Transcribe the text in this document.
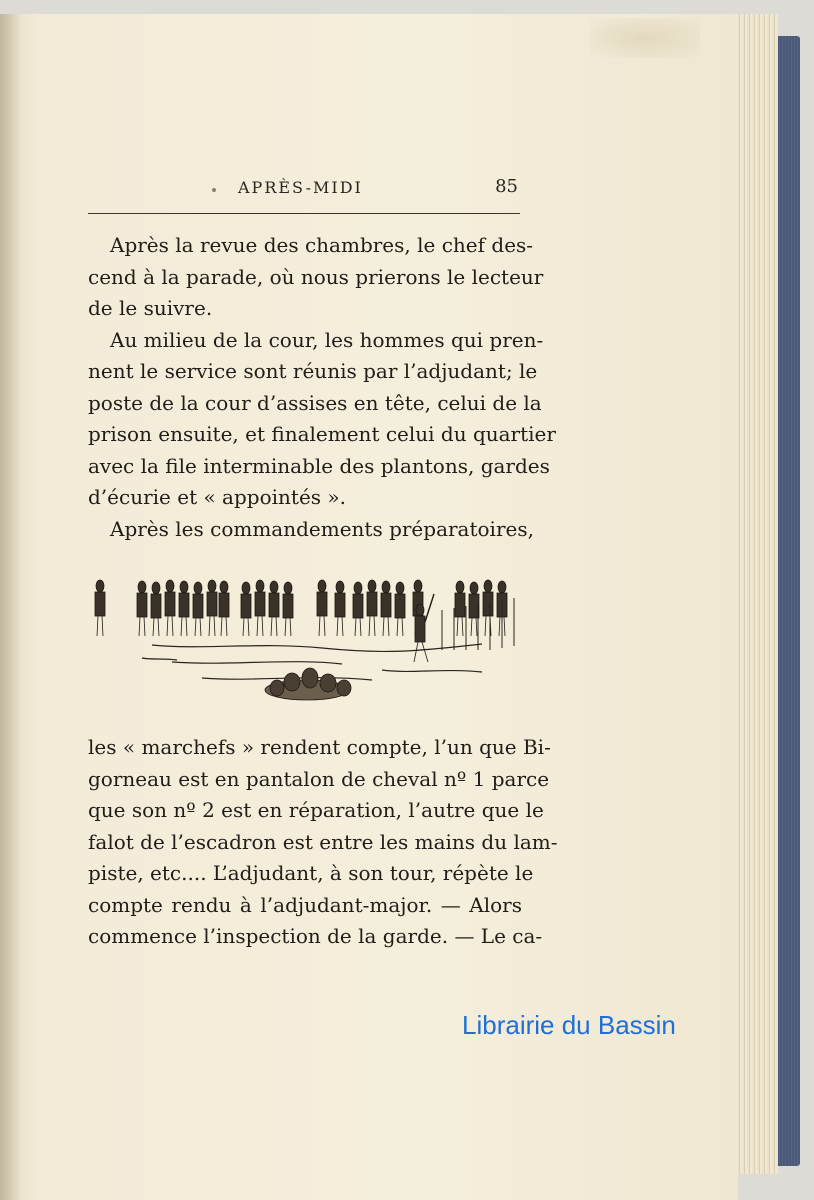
APRÈS-MIDI	85
Après la revue des chambres, le chef des-
cend à la parade, où nous prierons le lecteur
de le suivre.
Au milieu de la cour, les hommes qui pren-
nent le service sont réunis par l’adjudant; le
poste de la cour d’assises en tête, celui de la
prison ensuite, et finalement celui du quartier
avec la file interminable des plantons, gardes
d’écurie et « appointés ».
Après les commandements préparatoires,
les « marchefs » rendent compte, l’un que Bi-
gorneau est en pantalon de cheval nº 1 parce
que son nº 2 est en réparation, l’autre que le
falot de l’escadron est entre les mains du lam-
piste, etc.... L’adjudant, à son tour, répète le
compte rendu à l’adjudant-major. — Alors
commence l’inspection de la garde. — Le ca-
Librairie du Bassin
